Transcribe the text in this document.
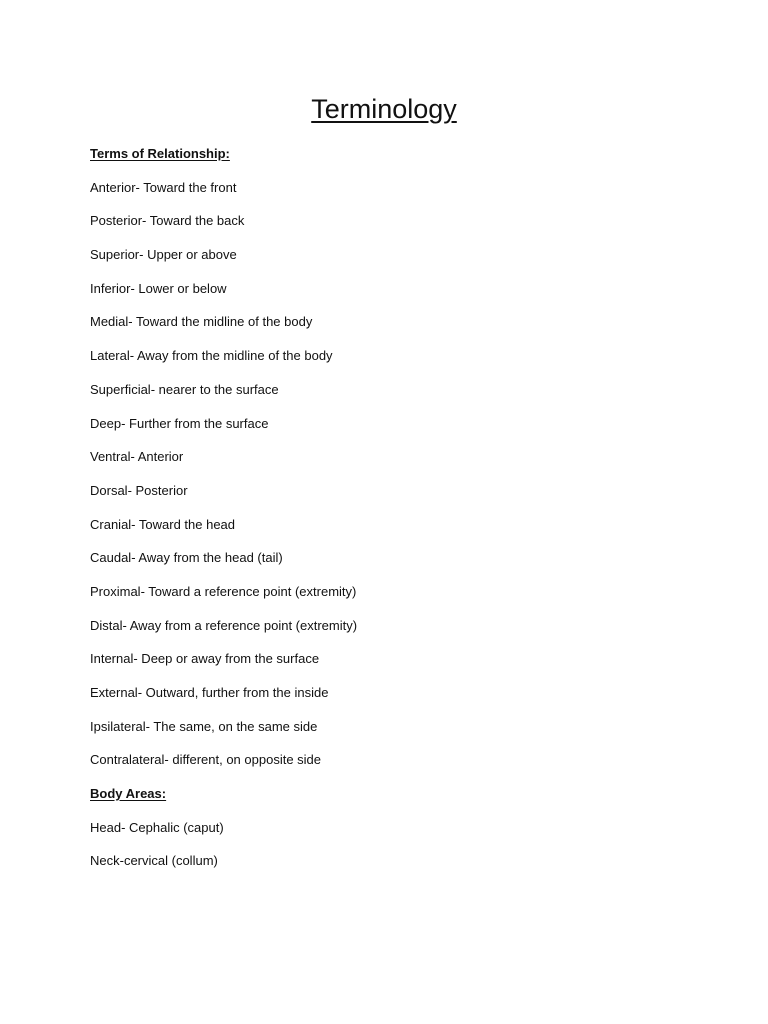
Terminology
Terms of Relationship:
Anterior- Toward the front
Posterior- Toward the back
Superior- Upper or above
Inferior- Lower or below
Medial- Toward the midline of the body
Lateral- Away from the midline of the body
Superficial- nearer to the surface
Deep- Further from the surface
Ventral- Anterior
Dorsal- Posterior
Cranial- Toward the head
Caudal- Away from the head (tail)
Proximal- Toward a reference point (extremity)
Distal- Away from a reference point (extremity)
Internal- Deep or away from the surface
External- Outward, further from the inside
Ipsilateral- The same, on the same side
Contralateral- different, on opposite side
Body Areas:
Head- Cephalic (caput)
Neck-cervical (collum)
